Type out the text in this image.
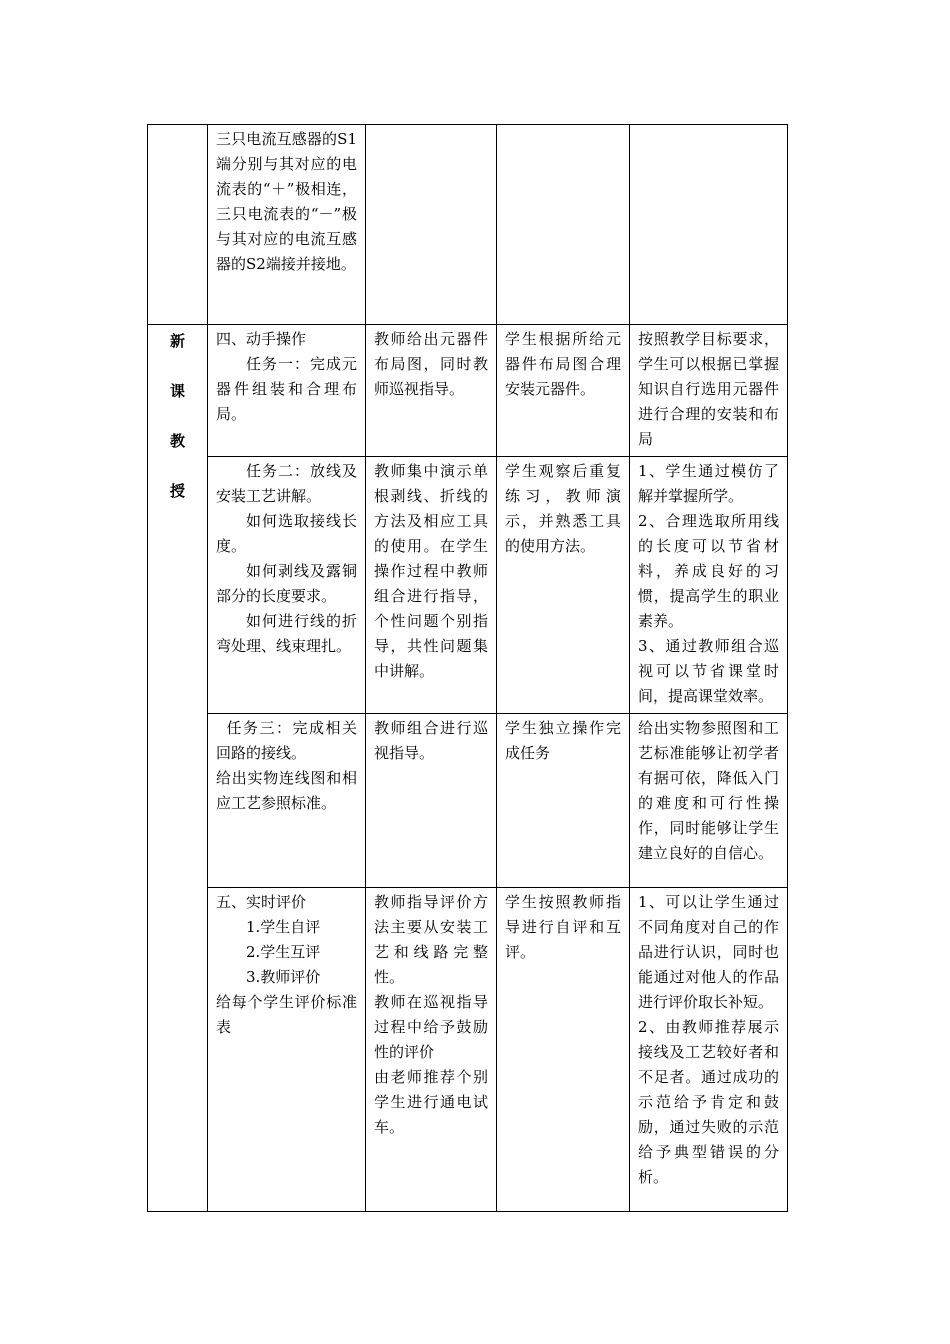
	三只电流互感器的S1端分别与其对应的电流表的“＋”极相连，三只电流表的“－”极与其对应的电流互感器的S2端接并接地。			

新
课
教
授	四、动手操作
任务一：完成元器件组装和合理布局。	教师给出元器件布局图，同时教师巡视指导。	学生根据所给元器件布局图合理安装元器件。	按照教学目标要求，学生可以根据已掌握知识自行选用元器件进行合理的安装和布局

	任务二：放线及安装工艺讲解。
如何选取接线长度。
如何剥线及露铜部分的长度要求。
如何进行线的折弯处理、线束理扎。	教师集中演示单根剥线、折线的方法及相应工具的使用。在学生操作过程中教师组合进行指导，个性问题个别指导，共性问题集中讲解。	学生观察后重复练习，教师演示，并熟悉工具的使用方法。	1、学生通过模仿了解并掌握所学。
2、合理选取所用线的长度可以节省材料，养成良好的习惯，提高学生的职业素养。
3、通过教师组合巡视可以节省课堂时间，提高课堂效率。

	任务三：完成相关回路的接线。
给出实物连线图和相应工艺参照标准。	教师组合进行巡视指导。	学生独立操作完成任务	给出实物参照图和工艺标准能够让初学者有据可依，降低入门的难度和可行性操作，同时能够让学生建立良好的自信心。

	五、实时评价
1.学生自评
2.学生互评
3.教师评价
给每个学生评价标准表	教师指导评价方法主要从安装工艺和线路完整性。
教师在巡视指导过程中给予鼓励性的评价
由老师推荐个别学生进行通电试车。	学生按照教师指导进行自评和互评。	1、可以让学生通过不同角度对自己的作品进行认识，同时也能通过对他人的作品进行评价取长补短。
2、由教师推荐展示接线及工艺较好者和不足者。通过成功的示范给予肯定和鼓励，通过失败的示范给予典型错误的分析。
